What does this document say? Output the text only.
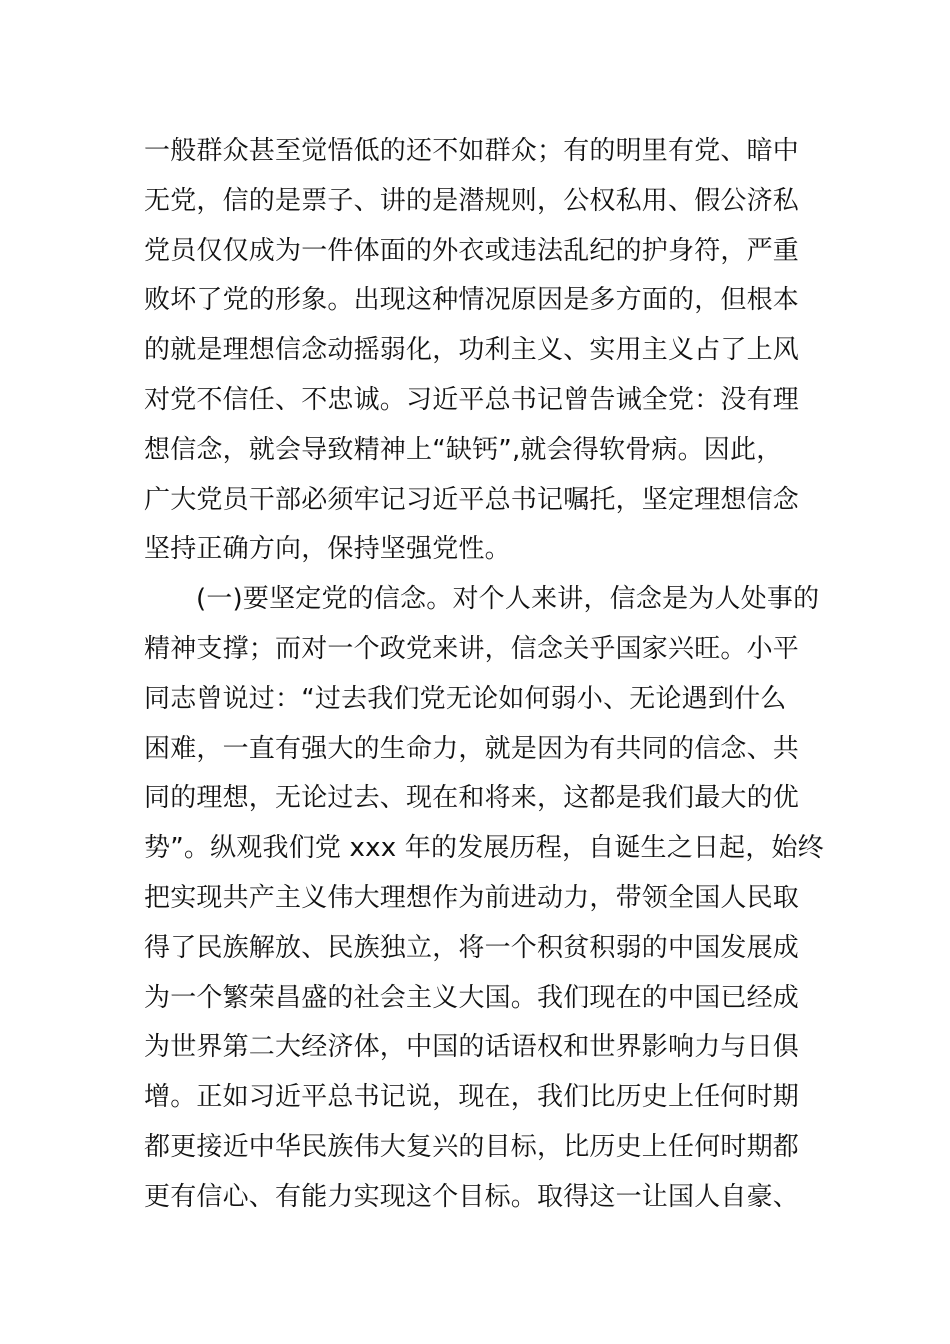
一般群众甚至觉悟低的还不如群众；有的明里有党、暗中
无党，信的是票子、讲的是潜规则，公权私用、假公济私
党员仅仅成为一件体面的外衣或违法乱纪的护身符，严重
败坏了党的形象。出现这种情况原因是多方面的，但根本
的就是理想信念动摇弱化，功利主义、实用主义占了上风
对党不信任、不忠诚。习近平总书记曾告诫全党：没有理
想信念，就会导致精神上“缺钙”,就会得软骨病。因此，
广大党员干部必须牢记习近平总书记嘱托，坚定理想信念
坚持正确方向，保持坚强党性。
(一)要坚定党的信念。对个人来讲，信念是为人处事的
精神支撑；而对一个政党来讲，信念关乎国家兴旺。小平
同志曾说过：“过去我们党无论如何弱小、无论遇到什么
困难，一直有强大的生命力，就是因为有共同的信念、共
同的理想，无论过去、现在和将来，这都是我们最大的优
势”。纵观我们党 xxx 年的发展历程，自诞生之日起，始终
把实现共产主义伟大理想作为前进动力，带领全国人民取
得了民族解放、民族独立，将一个积贫积弱的中国发展成
为一个繁荣昌盛的社会主义大国。我们现在的中国已经成
为世界第二大经济体，中国的话语权和世界影响力与日俱
增。正如习近平总书记说，现在，我们比历史上任何时期
都更接近中华民族伟大复兴的目标，比历史上任何时期都
更有信心、有能力实现这个目标。取得这一让国人自豪、
